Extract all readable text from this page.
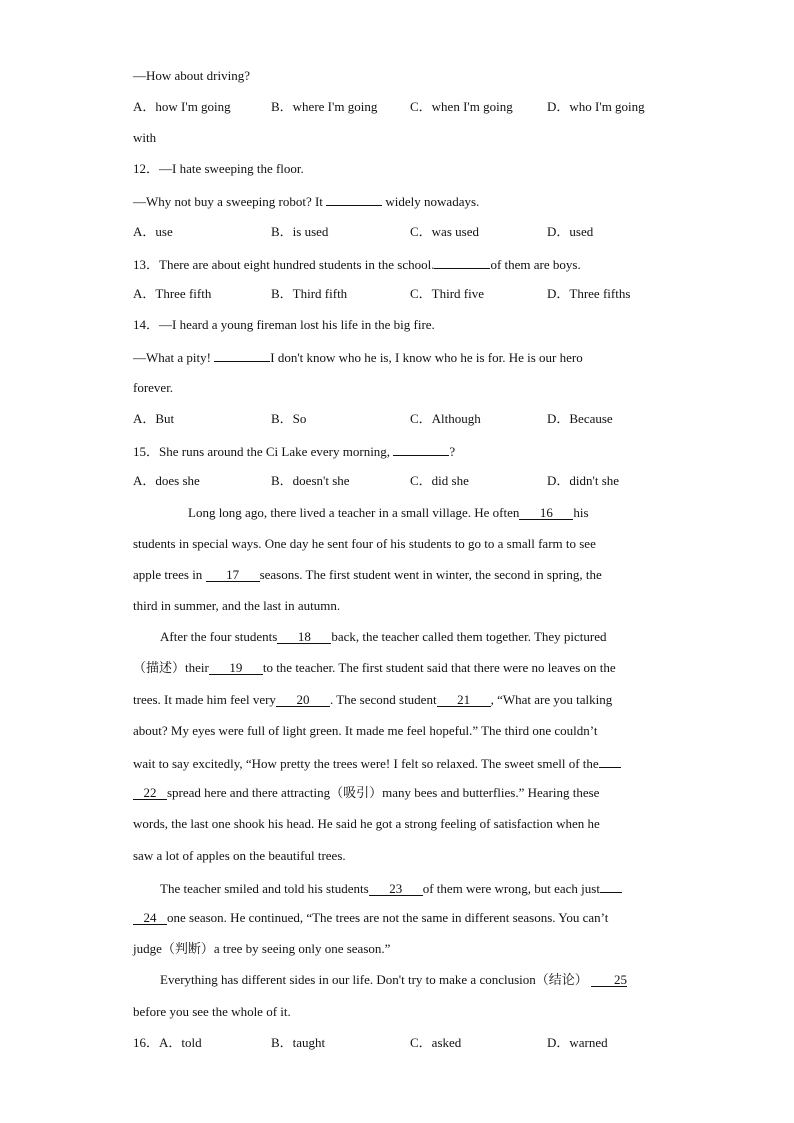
—How about driving?
A．how I'm going	B．where I'm going	C．when I'm going	D．who I'm going
with
12．—I hate sweeping the floor.
—Why not buy a sweeping robot? It	widely nowadays.
A．use	B．is used	C．was used	D．used
13．There are about eight hundred students in the school.	of them are boys.
A．Three fifth	B．Third fifth	C．Third five	D．Three fifths
14．—I heard a young fireman lost his life in the big fire.
—What a pity!	I don't know who he is, I know who he is for. He is our hero
forever.
A．But	B．So	C．Although	D．Because
15．She runs around the Ci Lake every morning,	?
A．does she	B．doesn't she	C．did she	D．didn't she
Long long ago, there lived a teacher in a small village. He often 16 his
students in special ways. One day he sent four of his students to go to a small farm to see
apple trees in 17 seasons. The first student went in winter, the second in spring, the
third in summer, and the last in autumn.
After the four students 18 back, the teacher called them together. They pictured
（描述）their 19 to the teacher. The first student said that there were no leaves on the
trees. It made him feel very 20 . The second student 21 , “What are you talking
about? My eyes were full of light green. It made me feel hopeful.” The third one couldn’t
wait to say excitedly, “How pretty the trees were! I felt so relaxed. The sweet smell of the
22 spread here and there attracting（吸引）many bees and butterflies.” Hearing these
words, the last one shook his head. He said he got a strong feeling of satisfaction when he
saw a lot of apples on the beautiful trees.
The teacher smiled and told his students 23 of them were wrong, but each just
24 one season. He continued, “The trees are not the same in different seasons. You can’t
judge（判断）a tree by seeing only one season.”
Everything has different sides in our life. Don't try to make a conclusion（结论） 25
before you see the whole of it.
16．A．told	B．taught	C．asked	D．warned
